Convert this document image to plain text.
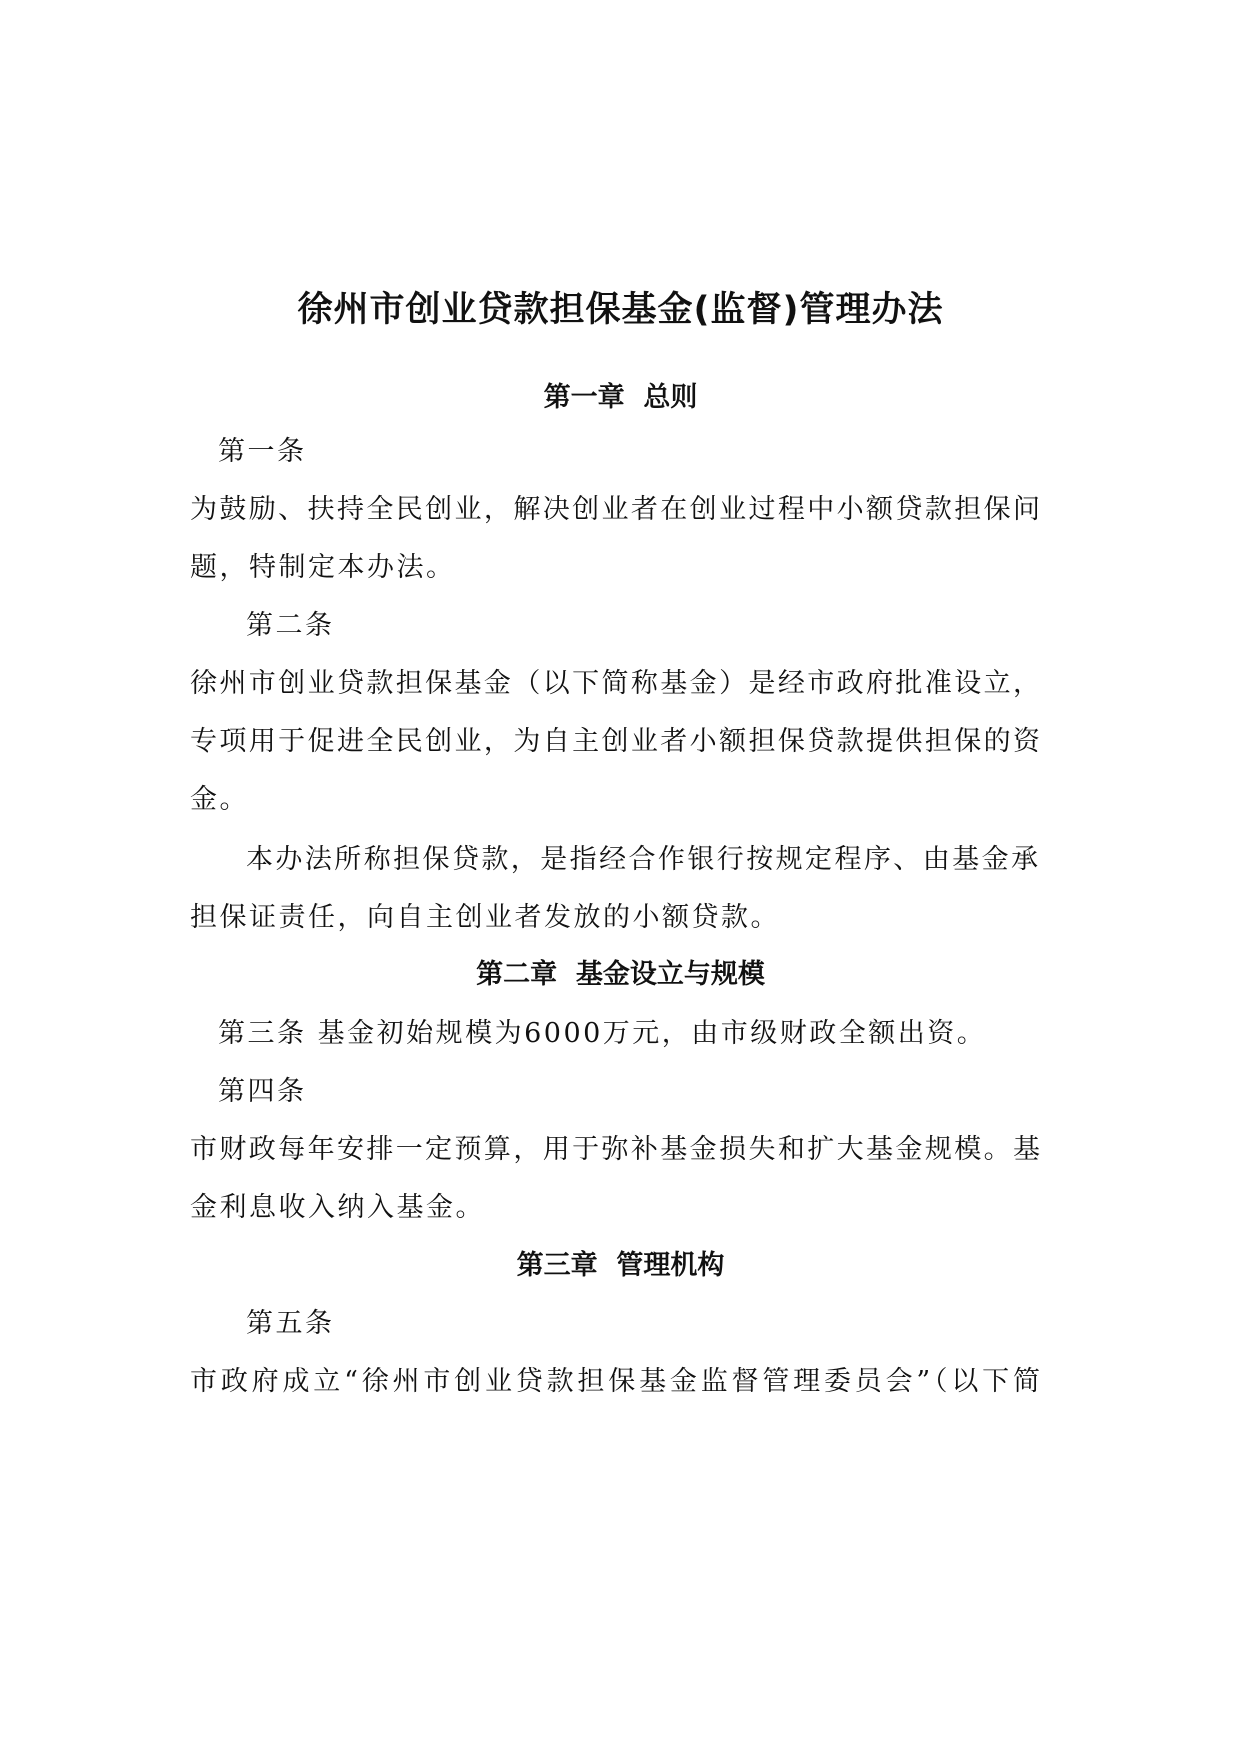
徐州市创业贷款担保基金(监督)管理办法
第一章  总则
第一条
为鼓励、扶持全民创业，解决创业者在创业过程中小额贷款担保问
题，特制定本办法。
第二条
徐州市创业贷款担保基金（以下简称基金）是经市政府批准设立，
专项用于促进全民创业，为自主创业者小额担保贷款提供担保的资
金。
本办法所称担保贷款，是指经合作银行按规定程序、由基金承
担保证责任，向自主创业者发放的小额贷款。
第二章  基金设立与规模
第三条 基金初始规模为6000万元，由市级财政全额出资。
第四条
市财政每年安排一定预算，用于弥补基金损失和扩大基金规模。基
金利息收入纳入基金。
第三章  管理机构
第五条
市政府成立“徐州市创业贷款担保基金监督管理委员会”（以下简
